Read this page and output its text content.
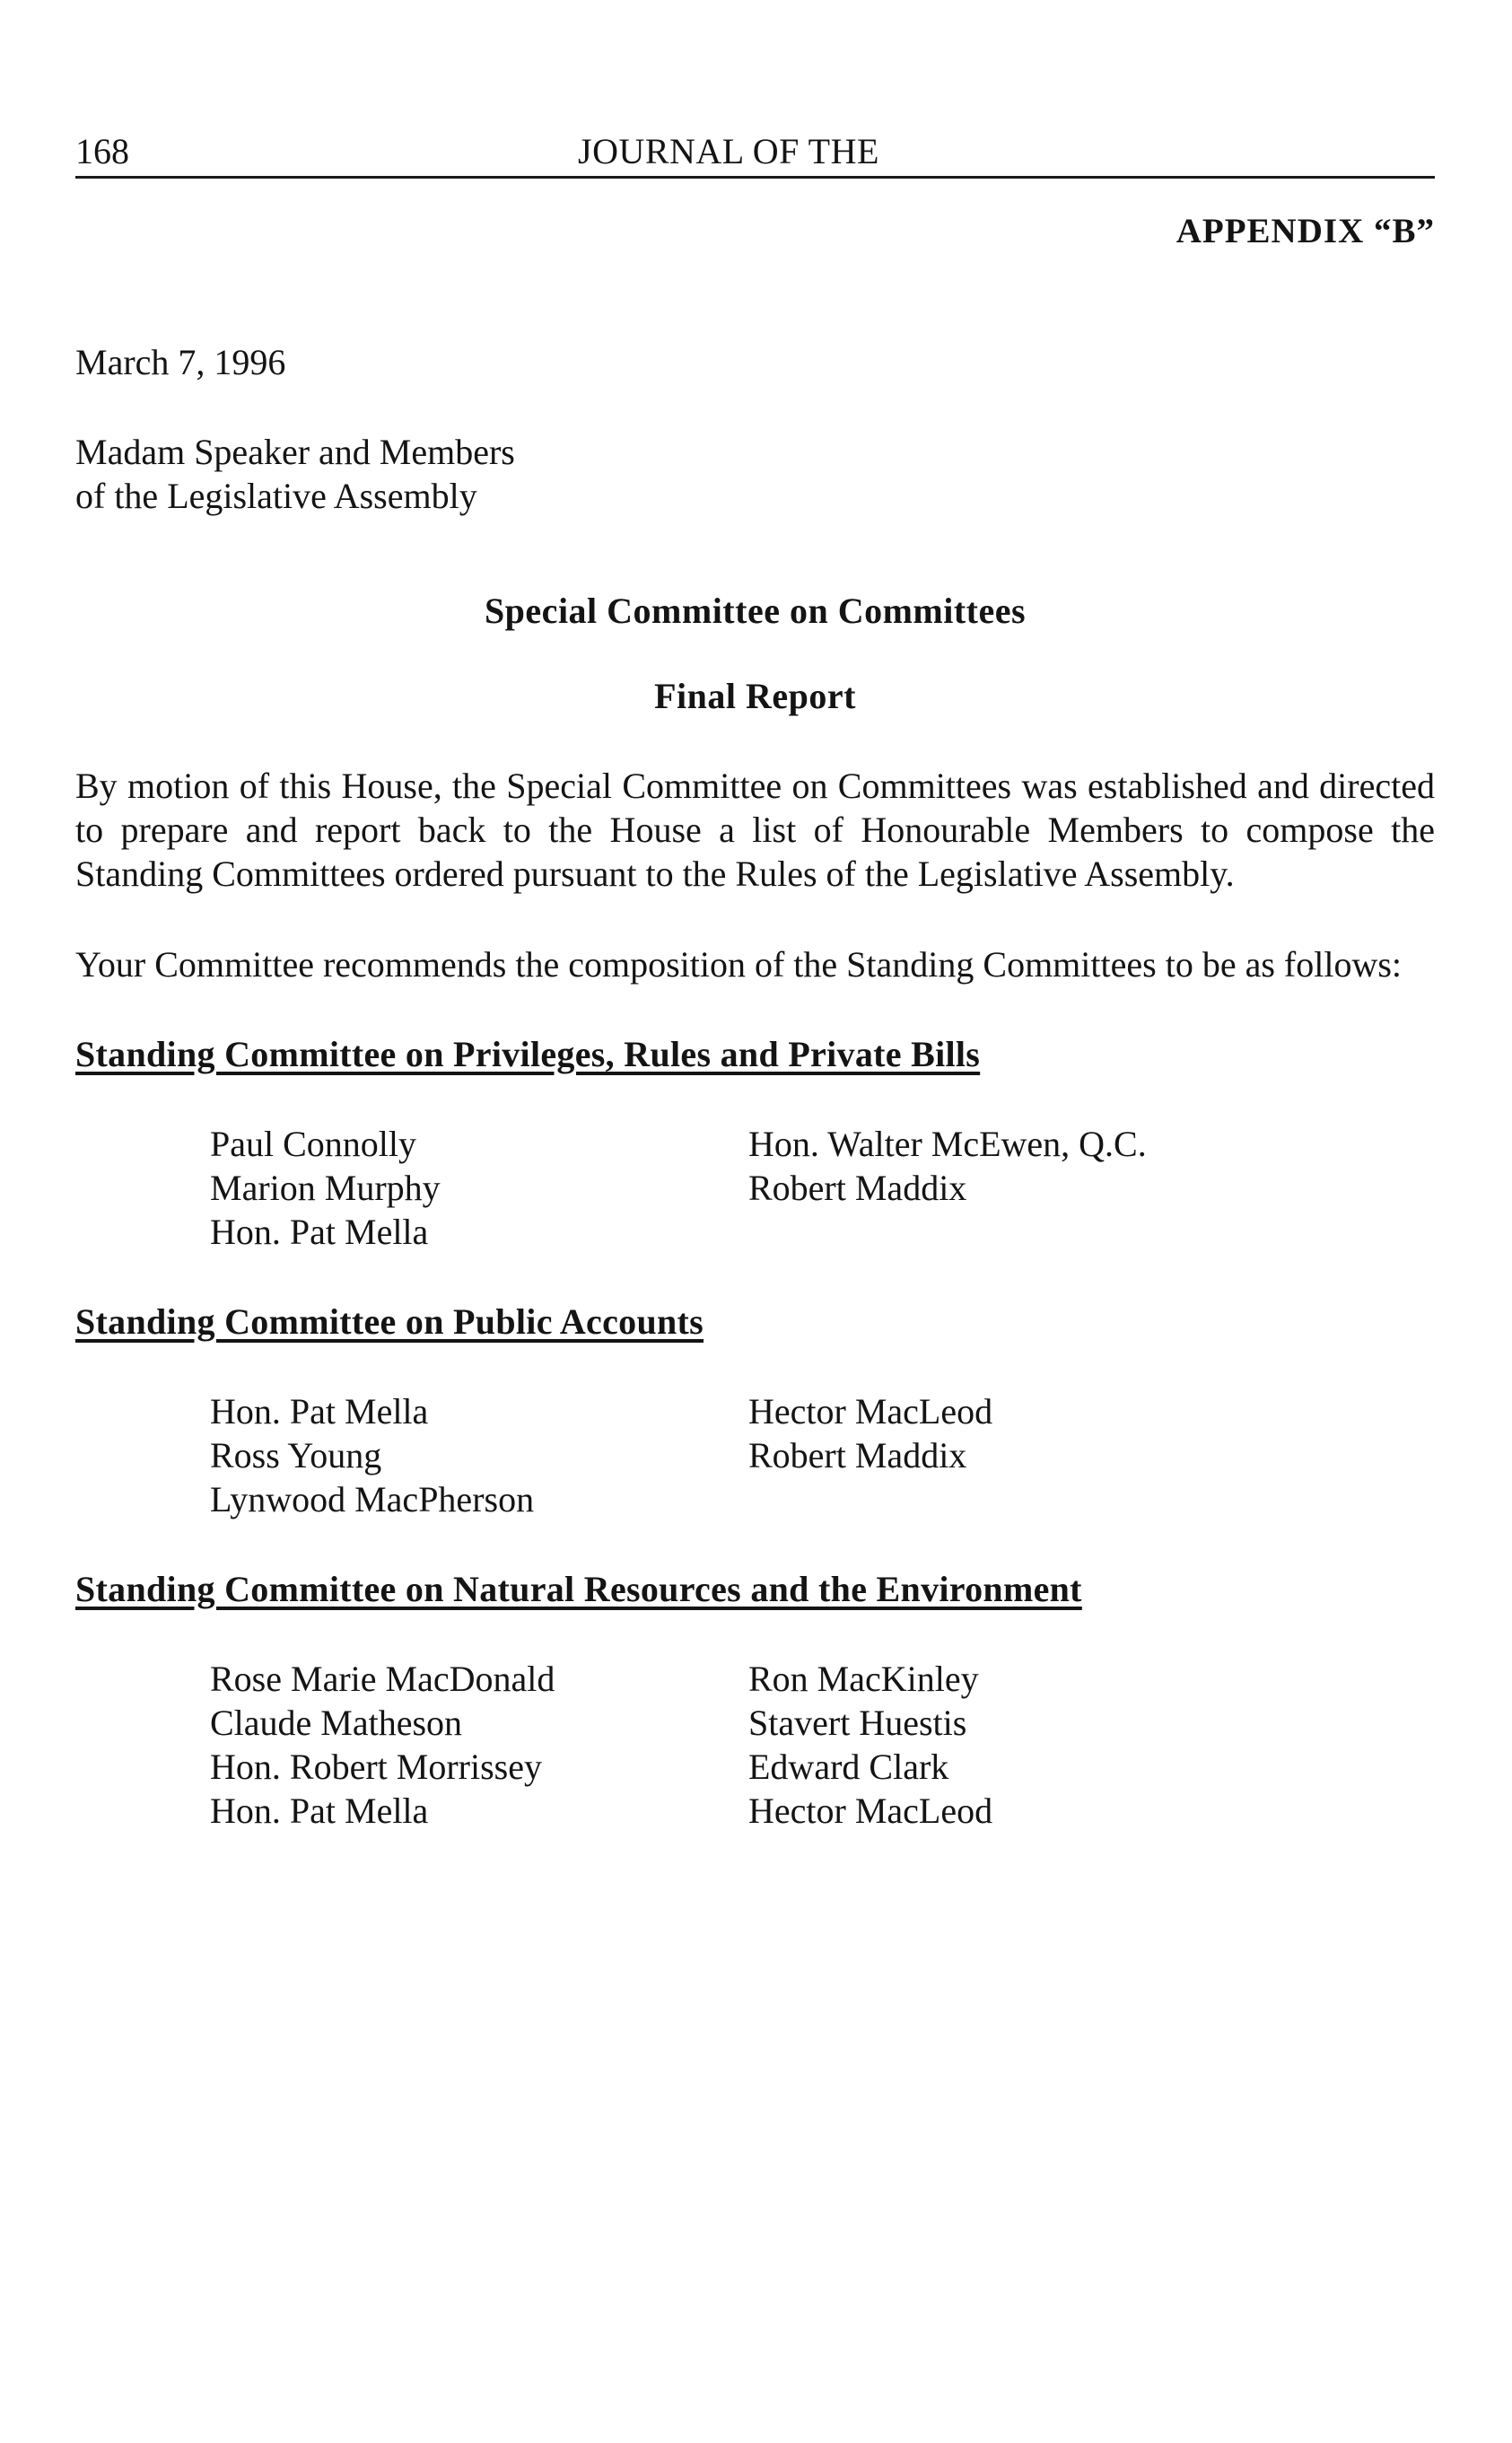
168	JOURNAL OF THE
APPENDIX “B”
March 7, 1996
Madam Speaker and Members
of the Legislative Assembly
Special Committee on Committees
Final Report
By motion of this House, the Special Committee on Committees was established and directed to prepare and report back to the House a list of Honourable Members to compose the Standing Committees ordered pursuant to the Rules of the Legislative Assembly.
Your Committee recommends the composition of the Standing Committees to be as follows:
Standing Committee on Privileges, Rules and Private Bills
Paul Connolly
Marion Murphy
Hon. Pat Mella
Hon. Walter McEwen, Q.C.
Robert Maddix
Standing Committee on Public Accounts
Hon. Pat Mella
Ross Young
Lynwood MacPherson
Hector MacLeod
Robert Maddix
Standing Committee on Natural Resources and the Environment
Rose Marie MacDonald
Claude Matheson
Hon. Robert Morrissey
Hon. Pat Mella
Ron MacKinley
Stavert Huestis
Edward Clark
Hector MacLeod
